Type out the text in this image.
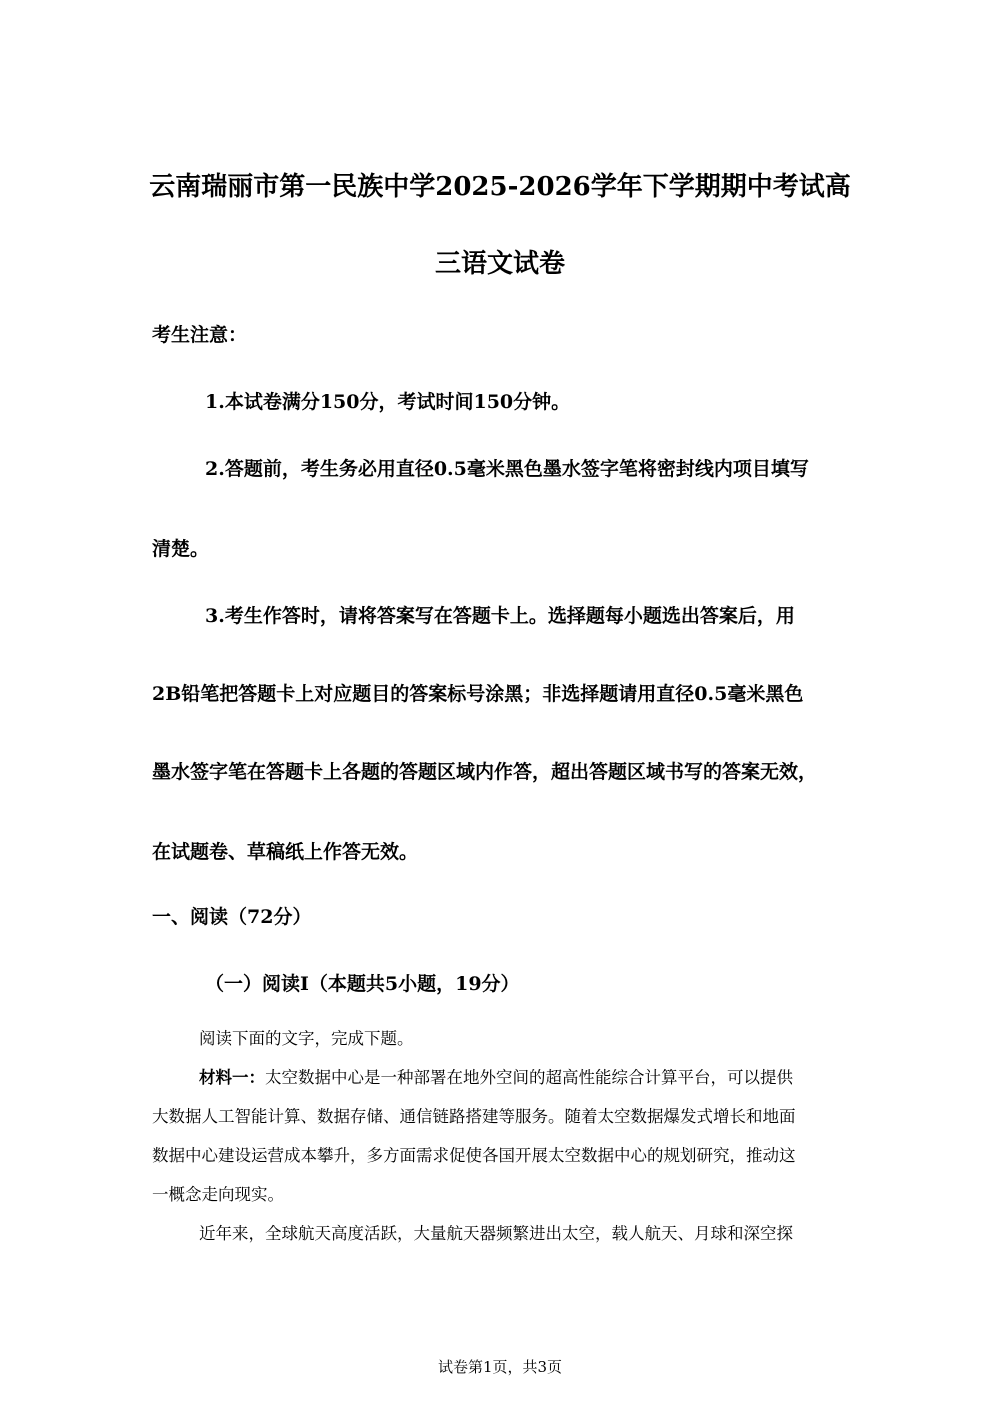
云南瑞丽市第一民族中学2025-2026学年下学期期中考试高
三语文试卷
考生注意：
1.本试卷满分150分，考试时间150分钟。
2.答题前，考生务必用直径0.5毫米黑色墨水签字笔将密封线内项目填写
清楚。
3.考生作答时，请将答案写在答题卡上。选择题每小题选出答案后，用
2B铅笔把答题卡上对应题目的答案标号涂黑；非选择题请用直径0.5毫米黑色
墨水签字笔在答题卡上各题的答题区域内作答，超出答题区域书写的答案无效，
在试题卷、草稿纸上作答无效。
一、阅读（72分）
（一）阅读Ⅰ（本题共5小题，19分）
阅读下面的文字，完成下题。
材料一：太空数据中心是一种部署在地外空间的超高性能综合计算平台，可以提供
大数据人工智能计算、数据存储、通信链路搭建等服务。随着太空数据爆发式增长和地面
数据中心建设运营成本攀升，多方面需求促使各国开展太空数据中心的规划研究，推动这
一概念走向现实。
近年来，全球航天高度活跃，大量航天器频繁进出太空，载人航天、月球和深空探
试卷第1页，共3页
